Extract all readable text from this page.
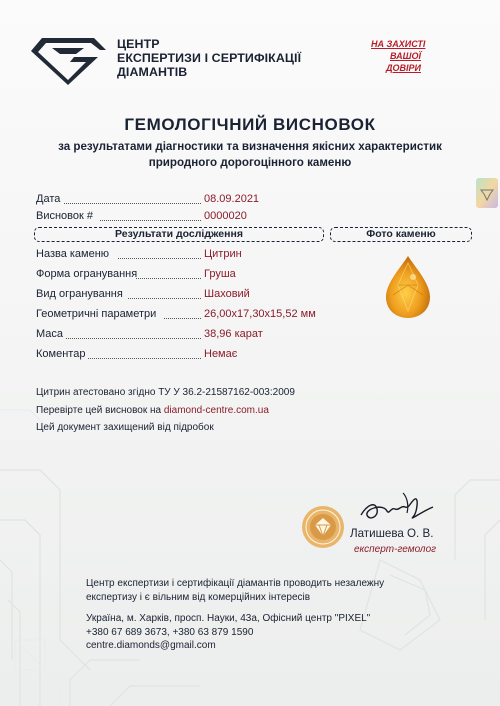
ЦЕНТР
ЕКСПЕРТИЗИ І СЕРТИФІКАЦІЇ
ДІАМАНТІВ
НА ЗАХИСТІ
ВАШОЇ
ДОВІРИ
ГЕМОЛОГІЧНИЙ ВИСНОВОК
за результатами діагностики та визначення якісних характеристик
природного дорогоцінного каменю
Дата	08.09.2021
Висновок #	0000020
Результати дослідження	Фото каменю
Назва каменю	Цитрин
Форма огранування	Груша
Вид огранування	Шаховий
Геометричні параметри	26,00х17,30х15,52 мм
Маса	38,96 карат
Коментар	Немає
Цитрин атестовано згідно ТУ У 36.2-21587162-003:2009
Перевірте цей висновок на diamond-centre.com.ua
Цей документ захищений від підробок
Латишева О. В.
експерт-гемолог
Центр експертизи і сертифікації діамантів проводить незалежну
експертизу і є вільним від комерційних інтересів
Україна, м. Харків, просп. Науки, 43а, Офісний центр "PIXEL"
+380 67 689 3673, +380 63 879 1590
centre.diamonds@gmail.com
